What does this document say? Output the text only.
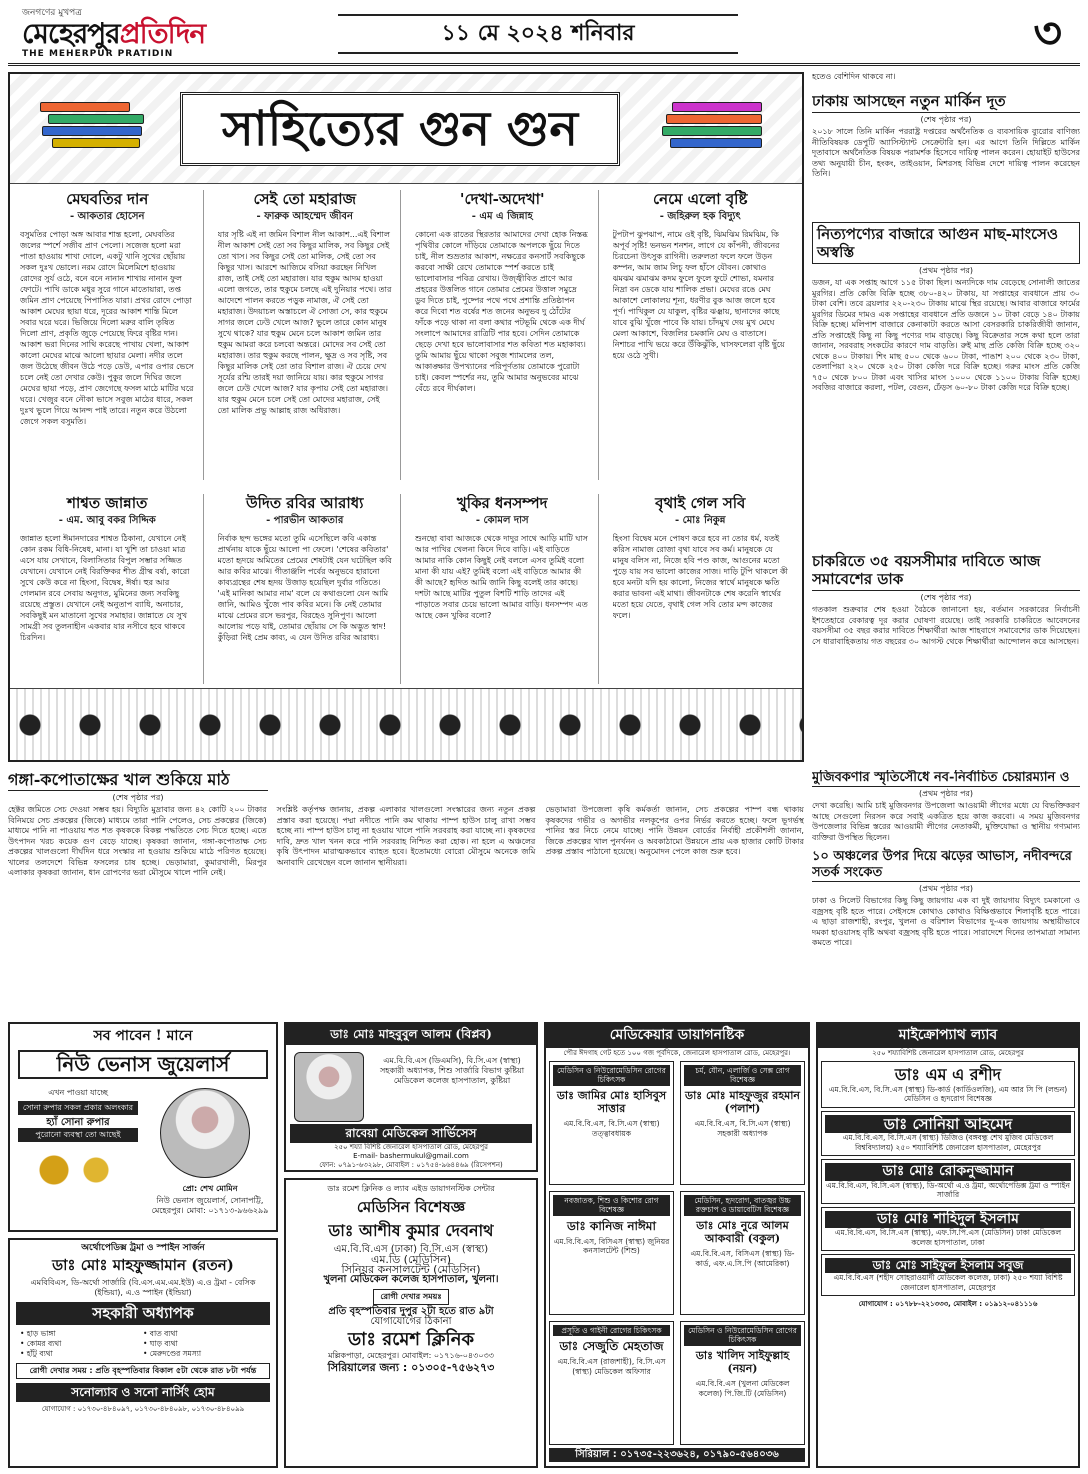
জনগণের মুখপত্র
মেহেরপুরপ্রতিদিন
THE MEHERPUR PRATIDIN
১১ মে ২০২৪ শনিবার	৩
সাহিত্যের গুন গুন
মেঘবতির দান
- আকতার হোসেন

বসুমতির পোড়া অঙ্গ আবার শান্ত হলো, মেঘবতির জলের স্পর্শে সজীব প্রাণ পেলো। সজেজ হলো মরা পাতা হাওয়ায় শাখা দোলে, একটু খানি সুখের ছোঁয়ায় সকল দুঃখ ভোলে। নরম রোদে মিলেমিশে হাওয়ায় রোদের সুর্য ওঠে, বনে বনে নানান শাখায় নানান ফুল ফোটে। পাখি ডাকে মধুর সুরে গানে মাতোয়ারা, তপ্ত জমিন প্রাণ পেয়েছে পিপাসিত যারা। প্রখর রোদে পোড়া আকাশ মেঘের ছায়া ধরে, দূরের আকাশ শান্তি মিলে সবার ঘরে ঘরে। ভিজিয়ে দিলো মরুর বালি তৃষিত দিলো প্রাণ, প্রকৃতি জুড়ে পেয়েছে ফিরে বৃষ্টির দান। আকাশ ভরা দিনের সাথি করেছে পাখায় খেলা, আকাশ কালো মেঘের মাঝে আলো ছায়ার মেলা। নদীর তলে জল উঠেছে জীবন উঠে পড়ে ডেউ, এপার ওপার ভেসে চলে নেই তো দেখার কেউ। পুকুর জলে দিঘির জলে মেঘের ছায়া পড়ে, প্রাণ জেগেছে ফসল মাঠে মাটির ঘরে ঘরে। খেজুর বনে নৌকা ভাসে সবুজ মাঠের ধারে, সকল দুঃখ ভুলে গিয়ে আনন্দ পাই তারে। নতুন করে উঠলো জেগে সকল বসুমতি।

সেই তো মহারাজ
- ফারুক আহম্মেদ জীবন

যার সৃষ্টি এই না জমিন বিশাল নীল আকাশ...এই বিশাল নীল আকাশ সেই তো সব কিছুর মালিক, সব কিছুর সেই তো খাস। সব কিছুর সেই তো মালিক, সেই তো সব কিছুর খাস। আরশে আজিমে বসিয়া করছেন নিখিল রাজ, তাই সেই তো মহারাজ। যার হুকুম আদম হাওয়া এলো জগতে, তার হুকুমে চলছে এই দুনিয়ার পথে। তার আদেশে পালন করতে পড়ুক নামাজ, ঐ সেই তো মহারাজ। উদয়াচল অস্তাচলে ঐ সোজা সে, কার হুকুমে সাগর জলে ঢেউ খেলে আজ? ভুলে তারে কোন মানুষ সুখে থাকে? যার হুকুম মেনে চলে আকাশ জমিন তার হুকুম আমরা করে চলবো অন্তরে। মোদের সব সেই তো মহারাজ। তার হুকুম করছে পালন, ক্ষুদ্র ও সব সৃষ্টি, সব কিছুর মালিক সেই তো তার বিশাল রাজ। ঐ চেয়ে দেখ সূর্যের রশ্মি তারই দয়া জানিয়ে যায়। কার হুকুমে সাগর জলে ঢেউ খেলে আজ? যার কৃপায় সেই তো মহারাজ। যার হুকুম মেনে চলে সেই তো মোদের মহারাজ, সেই তো মালিক প্রভু আল্লাহ রাজ অধিরাজ।

'দেখা-অদেখা'
- এম এ জিন্নাহ

কোনো এক রাতের স্থিরতার আমাদের দেখা হোক নিস্তব্ধ পৃথিবীর কোলে দাঁড়িয়ে তোমাকে অপলকে ছুঁয়ে দিতে চাই, নীল শুভ্রতার আকাশ, নক্ষত্রের কনসার্ট সবকিছুকে করবো সাক্ষী রেখে তোমাকে স্পর্শ করতে চাই ভালোবাসার পবিত্র রেখায়। উজ্জ্বীবিত প্রাণে আর প্রহরের উত্তলিত গানে তোমার প্রেমের উত্তাল সমুদ্রে ডুব দিতে চাই, পুষ্পের পথে পথে প্রশান্তি প্রতিষ্ঠাপন করে দিবো শত বর্ষের শত জনের অনুভব দু ঠোঁটের ফাঁকে পড়ে থাকা না বলা কথার পটভূমি থেকে এক দীর্ঘ সংলাপে আমাদের রাত্রিটি পার হবে। সেদিন তোমাকে ছেড়ে দেখা হবে ভালোবাসার শত কবিতা শত মহাকাব্য। তুমি আমায় ছুঁয়ে থাকো সবুজ শ্যামলের তল, আকাঙ্ক্ষার উপখ্যানের পরিপূর্ণতায় তোমাকে পুরোটা চাই। কেবল স্পর্শের নয়, তুমি আমার অনুভবের মাঝে বেঁচে রবে দীর্ঘকাল।

নেমে এলো বৃষ্টি
- জহিরুল হক বিদ্যুৎ

টুপটাপ ঝুপঝাপ, নামে ওই বৃষ্টি, ঝিমঝিম রিমঝিম, কি অপূর্ব সৃষ্টি! ভনভন শনশন, লাগে যে কাঁপনী, জীবনের চিরচেনা উৎসুক রাগিনী। তরুলতা ফলে ফলে উড়ন কম্পন, আম জাম লিচু ফল হাঁসে যৌবন। কোথাও ঝমঝম ঝমাঝম কদম ফুলে ফুলে ফুটে শোভা, যমনার নিদ্রা বন ডেকে যায় শালিক প্রভা। মেঘের রঙে মেঘ আকাশে লোকালয় শূন্য, ধরণীর বুক আজ জলে হবে পূর্ণ। পাখিকুল যে যাকুল, বৃষ্টির ঝঞ্ঝায়, ছানাদের কাছে যাবে বুঝি খুঁজে পাবে কি যায়। চাঁদমুখ দেয় মুখ মেঘে মেলা আকাশে, বিজলির চমকানি মেঘ ও বাতাসে। নিশাচর পাখি ভয়ে করে উঁকিঝুঁকি, ঘাসফলেরা বৃষ্টি ছুঁয়ে হয়ে ওঠে সুখী।

শাশ্বত জান্নাত
- এম. আবু বকর সিদ্দিক

জান্নাত হলো ঈমানদারের শাশ্বত ঠিকানা, যেখানে নেই কোন রকম বিধি-নিষেধ, মানা। যা খুশি তা চাওয়া মাত্র এসে যায় সেখানে, বিলাসিতার বিপুল সম্ভার সজ্জিত যেখানে। যেখানে নেই বিরক্তিকর শীত গ্রীষ্ম বর্ষা, কারো সুখে কেউ করে না হিংসা, বিদ্বেষ, ঈর্ষা। হুর আর গেলমান রবে সেবায় অনুগত, মুমিনের জন্য সবকিছু রয়েছে প্রস্তুত। যেখানে নেই অনুতাপ ব্যাধি, অনাচার, সবকিছুই মন মাতানো সুখের সমাহার। জান্নাতে যে সুখ সামগ্রী সব তুলনাহীন একবার যার নসীবে হবে থাকবে চিরদিন।

উদিত রবির আরাধ্য
- পারভীন আকতার

নির্বাক ছন্দ ভঙ্গের মতো তুমি এসেছিলে কবি একান্ত প্রার্থনায় যাকে ছুঁয়ে আলো পা ফেলে। 'শেষের কবিতার' মতো হৃদয়ে অমিতের প্রেমের শেষটাই যেন ঘটেছিল কবি আর কবির মাঝে। গীতাঞ্জলি পর্বের অনুভবে হারানো কাব্যগ্রন্থের শেষ হৃদয় উজাড় হয়েছিল দুর্বার গতিতে। 'এই মানিকা আমার নাম' বলে যে কথাগুলো যেন আমি জানি, আমিও খুঁজে পাব কবির মনে। কি নেই তোমার মাঝে প্রেমের রসে ভরপুর, বিরহেও সুনিপুণ। আলো আলোয় পড়ে যাই, তোমার ছোঁয়ায় সে কি অদ্ভুত স্বাদ! কুঁড়িরা নিই প্রেম কাব্য, এ যেন উদিত রবির আরাধ্য।

খুকির ধনসম্পদ
- কোমল দাস

শুনছো বাবা আজকে থেকে দাদুর সাথে আড়ি মাটি ঘাস আর পাখির খেলনা কিনে দিবে বাড়ি। এই বাড়িতে আমার নাকি কোন কিছুই নেই বললে এসব তুমিই বলো মানা কী যায় এই? তুমিই বলো এই বাড়িতে আমার কী কী আছে? হৃদিত আমি জানি কিছু বলেই তার কাছে। দশটা আছে মাটির পুতুল বিশটি শাড়ি তাদের এই পাড়াতে সবার চেয়ে ভালো আমার বাড়ি। ধনসম্পদ এত আছে কেন খুকির বলো?

বৃথাই গেল সবি
- মোঃ নিকুন্ন

হিংসা বিদ্বেষ মনে পোষণ করে হবে না তোর ধর্ম, যতই করিস নামাজ রোজা বৃথা যাবে সব কর্ম। মানুষকে যে মানুষ বলিস না, নিজে হবি পণ্ড কাজ, আগুনের মতো পুড়ে যায় সব ভালো কাজের সাজ। দাড়ি টুপি থাকলে কী হবে মনটা যদি হয় কালো, নিজের স্বার্থে মানুষকে ক্ষতি করার ভাবনা এই মাথা। জীবনটাকে শেষ করেনি স্বার্থের মতো হয়ে যেতে, বৃথাই গেল সবি তোর মন্দ কাজের ফলে।

হতেও বেশিদিন থাকবে না।
ঢাকায় আসছেন নতুন মার্কিন দূত
(শেষ পৃষ্ঠার পর)

২০১৮ সালে তিনি মার্কিন পররাষ্ট্র দপ্তরের অর্থনৈতিক ও ব্যবসায়িক ব্যুরোর বাণিজ্য নীতিবিষয়ক ডেপুটি অ্যাসিস্ট্যান্ট সেক্রেটারি হন। এর আগে তিনি দিল্লিতে মার্কিন দূতাবাসে অর্থনৈতিক বিষয়ক পরামর্শক হিসেবে দায়িত্ব পালন করেন। হোয়াইট হাউসের তথ্য অনুযায়ী চীন, হংকং, তাইওয়ান, মিশরসহ বিভিন্ন দেশে দায়িত্ব পালন করেছেন তিনি।

নিত্যপণ্যের বাজারে আগুন মাছ-মাংসেও অস্বস্তি
(প্রথম পৃষ্ঠার পর)

ডজন, যা এক সপ্তাহ আগে ১১৫ টাকা ছিল। অন্যদিকে দাম বেড়েছে সোনালী জাতের মুরগির। প্রতি কেজি বিক্রি হচ্ছে ৩৮০-৪২০ টাকায়, যা সপ্তাহের ব্যবধানে প্রায় ৩০ টাকা বেশি। তবে ব্রয়লার ২২০-২৩০ টাকায় মাঝে স্থির রয়েছে। আবার বাজারে ফার্মের মুরগির ডিমের দামও এক সপ্তাহের ব্যবধানে প্রতি ডজনে ১০ টাকা বেড়ে ১৪০ টাকায় বিক্রি হচ্ছে। মলিপাশ বাজারে কেনাকাটা করতে আসা বেসরকারি চাকরিজীবী জানান, প্রতি সপ্তাহেই কিছু না কিছু পণ্যের দাম বাড়ছে। কিছু বিক্রেতার সঙ্গে কথা হলে তারা জানান, সরবরাহ সংকটের কারণে দাম বাড়তি। রুই মাছ প্রতি কেজি বিক্রি হচ্ছে ৩২০ থেকে ৪০০ টাকায়। শিং মাছ ৫০০ থেকে ৬০০ টাকা, পাঙাশ ২০০ থেকে ২৩০ টাকা, তেলাপিয়া ২২০ থেকে ২৫০ টাকা কেজি দরে বিক্রি হচ্ছে। গরুর মাংস প্রতি কেজি ৭৫০ থেকে ৮০০ টাকা এবং খাসির মাংস ১০০০ থেকে ১১০০ টাকায় বিক্রি হচ্ছে। সবজির বাজারে করলা, পটল, বেগুন, ঢেঁড়স ৬০-৮০ টাকা কেজি দরে বিক্রি হচ্ছে।

চাকরিতে ৩৫ বয়সসীমার দাবিতে আজ সমাবেশের ডাক
(শেষ পৃষ্ঠার পর)

গতকাল শুক্রবার শেষ হওয়া বৈঠকে জানানো হয়, বর্তমান সরকারের নির্বাচনী ইশতেহারে বেকারত্ব দূর করার ঘোষণা রয়েছে। তাই সরকারি চাকরিতে আবেদনের বয়সসীমা ৩৫ বছর করার দাবিতে শিক্ষার্থীরা আজ শাহবাগে সমাবেশের ডাক দিয়েছেন। সে ধারাবাহিকতায় গত বছরের ৩০ আগস্ট থেকে শিক্ষার্থীরা আন্দোলন করে আসছেন।

গঙ্গা-কপোতাক্ষের খাল শুকিয়ে মাঠ
(শেষ পৃষ্ঠার পর)

হেক্টর জমিতে সেচ দেওয়া সম্ভব হয়। বিদ্যুতি মুদ্রাবার জন্য ৪২ কোটি ২০০ টাকার বিনিময়ে সেচ প্রকল্পের (জিকে) মাধ্যমে তারা পানি পেলেও, সেচ প্রকল্পের (জিকে) মাধ্যমে পানি না পাওয়ায় শত শত কৃষককে বিকল্প পদ্ধতিতে সেচ দিতে হচ্ছে। এতে উৎপাদন খরচ কয়েক গুণ বেড়ে যাচ্ছে। কৃষকরা জানান, গঙ্গা-কপোতাক্ষ সেচ প্রকল্পের খালগুলো দীর্ঘদিন ধরে সংস্কার না হওয়ায় শুকিয়ে মাঠে পরিণত হয়েছে। খালের তলদেশে বিভিন্ন ফসলের চাষ হচ্ছে। ভেড়ামারা, কুমারখালী, মিরপুর এলাকার কৃষকরা জানান, ধান রোপণের ভরা মৌসুমে খালে পানি নেই।

সংশ্লিষ্ট কর্তৃপক্ষ জানায়, প্রকল্প এলাকার খালগুলো সংস্কারের জন্য নতুন প্রকল্প প্রস্তাব করা হয়েছে। পদ্মা নদীতে পানি কম থাকায় পাম্প হাউস চালু রাখা সম্ভব হচ্ছে না। পাম্প হাউস চালু না হওয়ায় খালে পানি সরবরাহ করা যাচ্ছে না। কৃষকদের দাবি, দ্রুত খাল খনন করে পানি সরবরাহ নিশ্চিত করা হোক। না হলে এ অঞ্চলের কৃষি উৎপাদন মারাত্মকভাবে ব্যাহত হবে। ইতোমধ্যে বোরো মৌসুমে অনেকে জমি অনাবাদি রেখেছেন বলে জানান স্থানীয়রা।

ভেড়ামারা উপজেলা কৃষি কর্মকর্তা জানান, সেচ প্রকল্পের পাম্প বন্ধ থাকায় কৃষকদের গভীর ও অগভীর নলকূপের ওপর নির্ভর করতে হচ্ছে। ফলে ভূগর্ভস্থ পানির স্তর নিচে নেমে যাচ্ছে। পানি উন্নয়ন বোর্ডের নির্বাহী প্রকৌশলী জানান, জিকে প্রকল্পের খাল পুনর্খনন ও অবকাঠামো উন্নয়নে প্রায় এক হাজার কোটি টাকার প্রকল্প প্রস্তাব পাঠানো হয়েছে। অনুমোদন পেলে কাজ শুরু হবে।

মুজিবকণার স্মৃতিসৌধে নব-নির্বাচিত চেয়ারম্যান ও
(প্রথম পৃষ্ঠার পর)

দেখা করেছি। আমি চাই মুজিবনগর উপজেলা আওয়ামী লীগের মধ্যে যে বিভক্তিকরণ আছে সেগুলো নিরসন করে সবাই একত্রিত হয়ে কাজ করবো। এ সময় মুজিবনগর উপজেলার বিভিন্ন স্তরের আওয়ামী লীগের নেতাকর্মী, মুক্তিযোদ্ধা ও স্থানীয় গণ্যমান্য ব্যক্তিরা উপস্থিত ছিলেন।

১০ অঞ্চলের উপর দিয়ে ঝড়ের আভাস, নদীবন্দরে সতর্ক সংকেত
(প্রথম পৃষ্ঠার পর)

ঢাকা ও সিলেট বিভাগের কিছু কিছু জায়গায় এক বা দুই জায়গায় বিদ্যুৎ চমকানো ও বজ্রসহ বৃষ্টি হতে পারে। সেইসঙ্গে কোথাও কোথাও বিক্ষিপ্তভাবে শিলাবৃষ্টি হতে পারে। এ ছাড়া রাজশাহী, রংপুর, খুলনা ও বরিশাল বিভাগের দু-এক জায়গায় অস্থায়ীভাবে দমকা হাওয়াসহ বৃষ্টি অথবা বজ্রসহ বৃষ্টি হতে পারে। সারাদেশে দিনের তাপমাত্রা সামান্য কমতে পারে।

সব পাবেন ! মানে
নিউ ভেনাস জুয়েলার্স
এখন পাওয়া যাচ্ছে
সোনা রুপার সকল প্রকার অলংকার
হ্যাঁ সোনা রুপার
পুরোনো ব্যবস্থা তো আছেই
প্রো: শেখ মোমিন
নিউ ভেনাস জুয়েলার্স, সোনাপট্টি, মেহেরপুর। মোবা: ০১৭১৩-৯৬৬২৯৯
অর্থোপেডিক্স ট্রমা ও স্পাইন সার্জন
ডাঃ মোঃ মাহফুজ্জামান (রতন)
এমবিবিএস, ডি-অর্থো সার্জারি (বি.এস.এম.এম.ইউ) এ.ও ট্রমা - বেসিক (ইন্ডিয়া), এ.ও স্পাইন (ইন্ডিয়া)
সহকারী অধ্যাপক
• হাড় ভাঙ্গা	• বাত ব্যথা
• কোমর ব্যথা	• ঘাড় ব্যথা
• হাঁটু ব্যথা	• মেরুদণ্ডের সমস্যা
রোগী দেখার সময় : প্রতি বৃহস্পতিবার বিকাল ৫টা থেকে রাত ৮টা পর্যন্ত
সনোল্যাব ও সনো নার্সিং হোম
যোগাযোগ : ০১৭৩০-৪৮৪০৯৭, ০১৭৩০-৪৮৪০৯৮, ০১৭৩০-৪৮৪০৯৯
ডাঃ মোঃ মাহবুবুল আলম (বিপ্লব)
এম.বি.বি.এস (ডিএমসি), বি.সি.এস (স্বাস্থ্য) সহকারী অধ্যাপক, শিশু সার্জারি বিভাগ কুষ্টিয়া মেডিকেল কলেজ হাসপাতাল, কুষ্টিয়া
রাবেয়া মেডিকেল সার্ভিসেস
২৫০ শয্যা বিশিষ্ট জেনারেল হাসপাতাল রোড, মেহেরপুর
E-mail- bashermukul@gmail.com
ফোন: ০৭৯১-৬৩২৯৮, মোবাইল : ০১৭৫৪-৯৬৪৪৬৯ (রিসেপশন)
ডাঃ রমেশ ক্লিনিক ও ল্যাব এইড ডায়াগনস্টিক সেন্টার
মেডিসিন বিশেষজ্ঞ
ডাঃ আশীষ কুমার দেবনাথ
এম.বি.বি.এস (ঢাকা) বি.সি.এস (স্বাস্থ্য)
এম.ডি (মেডিসিন)
সিনিয়র কনসালটেন্ট (মেডিসিন)
খুলনা মেডিকেল কলেজ হাসপাতাল, খুলনা।
রোগী দেখার সময়ঃ
প্রতি বৃহস্পতিবার দুপুর ২টা হতে রাত ৯টা
যোগাযোগের ঠিকানা
ডাঃ রমেশ ক্লিনিক
মল্লিকপাড়া, মেহেরপুর। মোবাইল: ০১৭১৬-০৪৩০৩৩
সিরিয়ালের জন্য : ০১৩০৫-৭৫৬২৭৩
মেডিকেয়ার ডায়াগনষ্টিক
পৌর ঈদগাহ গেট হতে ১০০ গজ পূর্বদিকে, জেনারেল হাসপাতাল রোড, মেহেরপুর।
মেডিসিন ও নিউরোমেডিসিন রোগের চিকিৎসক
ডাঃ জামির মোঃ হাসিবুস সাত্তার
এম.বি.বি.এস, বি.সি.এস (স্বাস্থ্য) তত্ত্বাবধায়ক
চর্ম, যৌন, এলার্জি ও সেক্স রোগ বিশেষজ্ঞ
ডাঃ মোঃ মাহফুজুর রহমান (পলাশ)
এম.বি.বি.এস, বি.সি.এস (স্বাস্থ্য) সহকারী অধ্যাপক
নবজাতক, শিশু ও কিশোর রোগ বিশেষজ্ঞ
ডাঃ কানিজ নাঈমা
এম.বি.বি.এস, বিসিএস (স্বাস্থ্য) জুনিয়র কনসালটেন্ট (শিশু)
মেডিসিন, হৃদরোগ, বাতজ্বর উচ্চ রক্তচাপ ও ডায়াবেটিস বিশেষজ্ঞ
ডাঃ মোঃ নুরে আলম আকবারী (বকুল)
এম.বি.বি.এস, বিসিএস (স্বাস্থ্য) ডি-কার্ড, এফ.এ.সি.পি (আমেরিকা)
প্রসূতি ও গাইনী রোগের চিকিৎসক
ডাঃ সেজুতি মেহতাজ
এম.বি.বি.এস (রাজশাহী), বি.সি.এস (স্বাস্থ্য) মেডিকেল অফিসার
মেডিসিন ও নিউরোমেডিসিন রোগের চিকিৎসক
ডাঃ খালিদ সাইফুল্লাহ (নয়ন)
এম.বি.বি.এস (খুলনা মেডিকেল কলেজ) পি.জি.টি (মেডিসিন)
সিরিয়াল : ০১৭৩৫-২২৩৬২৪, ০১৭৯০-৫৬৪০৩৬
মাইক্রোপ্যাথ ল্যাব
২৫০ শয্যাবিশিষ্ট জেনারেল হাসপাতাল রোড, মেহেরপুর
ডাঃ এম এ রশীদ
এম.বি.বি.এস, বি.সি.এস (স্বাস্থ্য) ডি-কার্ড (কার্ডিওলজি), এম আর সি পি (লন্ডন) মেডিসিন ও হৃদরোগ বিশেষজ্ঞ
ডাঃ সোনিয়া আহমেদ
এম.বি.বি.এস, বি.সি.এস (স্বাস্থ্য) ডিজিও (বঙ্গবন্ধু শেখ মুজিব মেডিকেল বিশ্ববিদ্যালয়) ২৫০ শয্যাবিশিষ্ট জেনারেল হাসপাতাল, মেহেরপুর
ডাঃ মোঃ রোকনুজ্জামান
এম.বি.বি.এস, বি.সি.এস (স্বাস্থ্য), ডি-অর্থো এ.ও ট্রমা, অর্থোপেডিক্স ট্রমা ও স্পাইন সার্জারি
ডাঃ মোঃ শাহিদুল ইসলাম
এম.বি.বি.এস, বি.সি.এস (স্বাস্থ্য), এফ.সি.পি.এস (মেডিসিন) ঢাকা মেডিকেল কলেজ হাসপাতাল, ঢাকা
ডাঃ মোঃ সাইফুল ইসলাম সবুজ
এম.বি.বি.এস (শহীদ সোহরাওয়ার্দী মেডিকেল কলেজ, ঢাকা) ২৫০ শয্যা বিশিষ্ট জেনারেল হাসপাতাল, মেহেরপুর
যোগাযোগ : ০১৭৮৮-২২১৩৩৩, মোবাইল : ০১৯১২-০৪১১১৬
